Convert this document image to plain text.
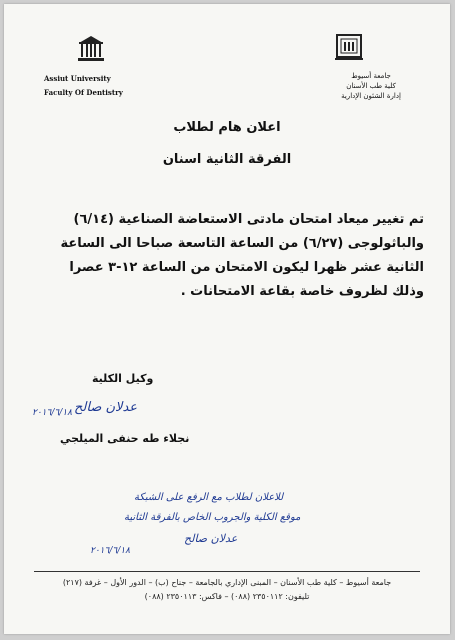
Assiut University
Faculty Of Dentistry
جامعة أسيوط
كلية طب الأسنان
إدارة الشئون الإدارية
اعلان هام لطلاب
الفرقة الثانية اسنان
تم تغيير ميعاد امتحان مادتى الاستعاضة الصناعية (٦/١٤)
والباثولوجى (٦/٢٧) من الساعة التاسعة صباحا الى الساعة
الثانية عشر ظهرا ليكون الامتحان من الساعة ١٢-٣ عصرا
وذلك لظروف خاصة بقاعة الامتحانات .
وكيل الكلية
عدلان صالح
٢٠١٦/٦/١٨
نجلاء طه حنفى الميلجي
للاعلان لطلاب مع الرفع على الشبكة
موقع الكلية والجروب الخاص بالفرقة الثانية
عدلان صالح
٢٠١٦/٦/١٨
جامعة أسيوط – كلية طب الأسنان – المبنى الإداري بالجامعة – جناح (ب) – الدور الأول – غرفة (٢١٧)
تليفون: ٢٣٥٠١١٢ (٠٨٨) – فاكس: ٢٣٥٠١١٣ (٠٨٨)
